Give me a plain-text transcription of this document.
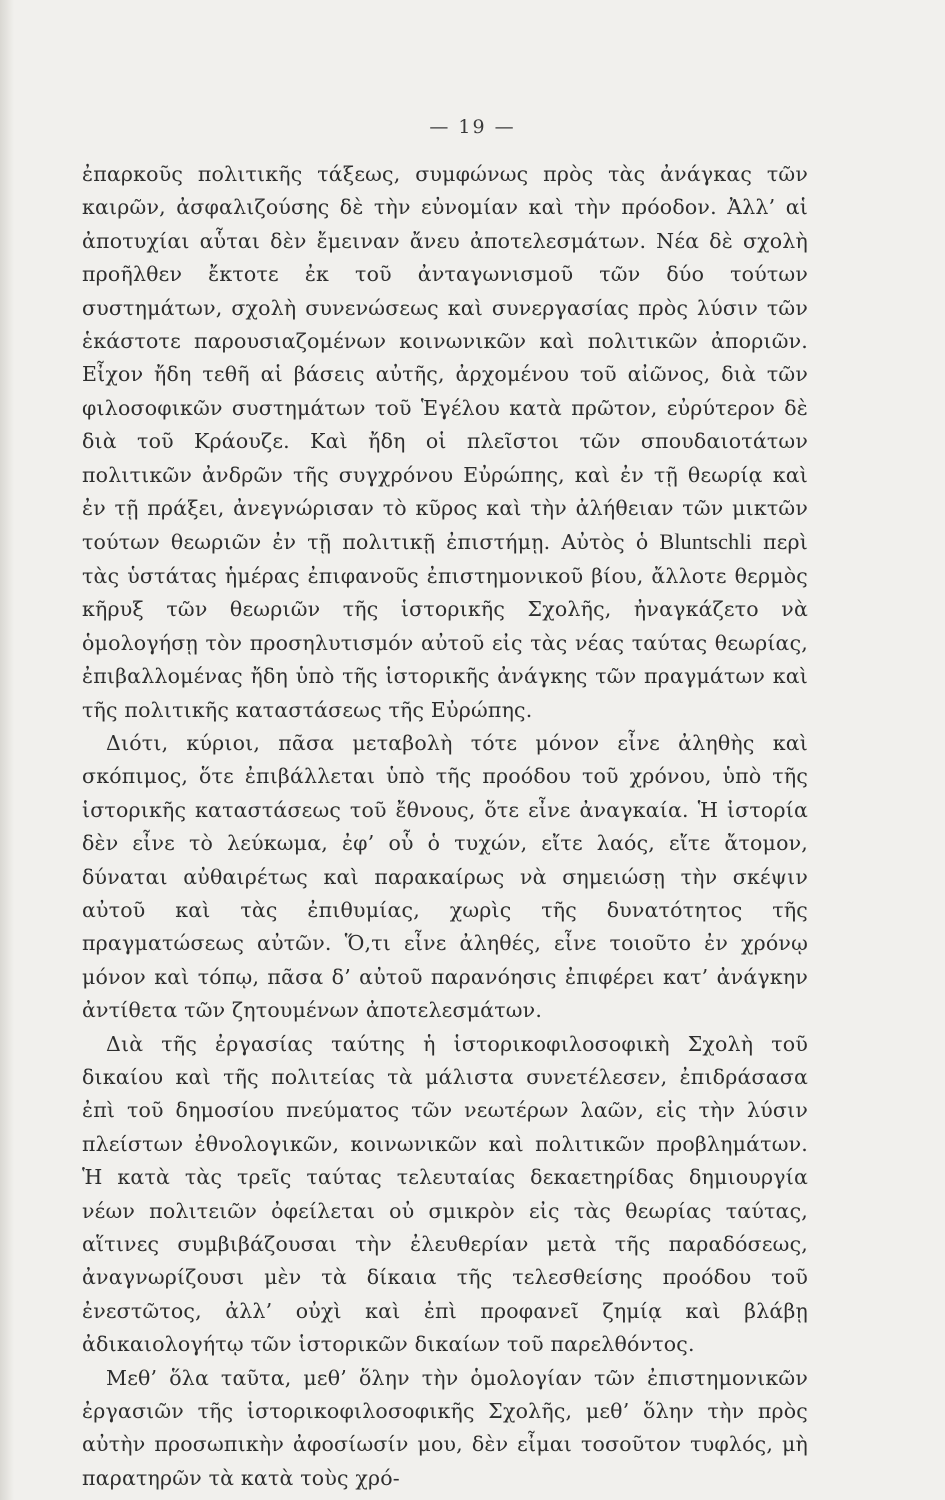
— 19 —

ἐπαρκοῦς πολιτικῆς τάξεως, συμφώνως πρὸς τὰς ἀνάγκας τῶν καιρῶν, ἀσφαλιζούσης δὲ τὴν εὐνομίαν καὶ τὴν πρόοδον. Ἀλλ’ αἱ ἀποτυχίαι αὗται δὲν ἔμειναν ἄνευ ἀποτελεσμάτων. Νέα δὲ σχολὴ προῆλθεν ἔκτοτε ἐκ τοῦ ἀνταγωνισμοῦ τῶν δύο τούτων συστημάτων, σχολὴ συνενώσεως καὶ συνεργασίας πρὸς λύσιν τῶν ἑκάστοτε παρουσιαζομένων κοινωνικῶν καὶ πολιτικῶν ἀποριῶν. Εἶχον ἤδη τεθῆ αἱ βάσεις αὐτῆς, ἀρχομένου τοῦ αἰῶνος, διὰ τῶν φιλοσοφικῶν συστημάτων τοῦ Ἑγέλου κατὰ πρῶτον, εὐρύτερον δὲ διὰ τοῦ Κράουζε. Καὶ ἤδη οἱ πλεῖστοι τῶν σπουδαιοτάτων πολιτικῶν ἀνδρῶν τῆς συγχρόνου Εὐρώπης, καὶ ἐν τῇ θεωρίᾳ καὶ ἐν τῇ πράξει, ἀνεγνώρισαν τὸ κῦρος καὶ τὴν ἀλήθειαν τῶν μικτῶν τούτων θεωριῶν ἐν τῇ πολιτικῇ ἐπιστήμῃ. Αὐτὸς ὁ Bluntschli περὶ τὰς ὑστάτας ἡμέρας ἐπιφανοῦς ἐπιστημονικοῦ βίου, ἄλλοτε θερμὸς κῆρυξ τῶν θεωριῶν τῆς ἱστορικῆς Σχολῆς, ἠναγκάζετο νὰ ὁμολογήσῃ τὸν προσηλυτισμόν αὐτοῦ εἰς τὰς νέας ταύτας θεωρίας, ἐπιβαλλομένας ἤδη ὑπὸ τῆς ἱστορικῆς ἀνάγκης τῶν πραγμάτων καὶ τῆς πολιτικῆς καταστάσεως τῆς Εὐρώπης.

Διότι, κύριοι, πᾶσα μεταβολὴ τότε μόνον εἶνε ἀληθὴς καὶ σκόπιμος, ὅτε ἐπιβάλλεται ὑπὸ τῆς προόδου τοῦ χρόνου, ὑπὸ τῆς ἱστορικῆς καταστάσεως τοῦ ἔθνους, ὅτε εἶνε ἀναγκαία. Ἡ ἱστορία δὲν εἶνε τὸ λεύκωμα, ἐφ’ οὗ ὁ τυχών, εἴτε λαός, εἴτε ἄτομον, δύναται αὐθαιρέτως καὶ παρακαίρως νὰ σημειώσῃ τὴν σκέψιν αὐτοῦ καὶ τὰς ἐπιθυμίας, χωρὶς τῆς δυνατότητος τῆς πραγματώσεως αὐτῶν. Ὅ,τι εἶνε ἀληθές, εἶνε τοιοῦτο ἐν χρόνῳ μόνον καὶ τόπῳ, πᾶσα δ’ αὐτοῦ παρανόησις ἐπιφέρει κατ’ ἀνάγκην ἀντίθετα τῶν ζητουμένων ἀποτελεσμάτων.

Διὰ τῆς ἐργασίας ταύτης ἡ ἱστορικοφιλοσοφικὴ Σχολὴ τοῦ δικαίου καὶ τῆς πολιτείας τὰ μάλιστα συνετέλεσεν, ἐπιδράσασα ἐπὶ τοῦ δημοσίου πνεύματος τῶν νεωτέρων λαῶν, εἰς τὴν λύσιν πλείστων ἐθνολογικῶν, κοινωνικῶν καὶ πολιτικῶν προβλημάτων. Ἡ κατὰ τὰς τρεῖς ταύτας τελευταίας δεκαετηρίδας δημιουργία νέων πολιτειῶν ὀφείλεται οὐ σμικρὸν εἰς τὰς θεωρίας ταύτας, αἵτινες συμβιβάζουσαι τὴν ἐλευθερίαν μετὰ τῆς παραδόσεως, ἀναγνωρίζουσι μὲν τὰ δίκαια τῆς τελεσθείσης προόδου τοῦ ἐνεστῶτος, ἀλλ’ οὐχὶ καὶ ἐπὶ προφανεῖ ζημίᾳ καὶ βλάβῃ ἀδικαιολογήτῳ τῶν ἱστορικῶν δικαίων τοῦ παρελθόντος.

Μεθ’ ὅλα ταῦτα, μεθ’ ὅλην τὴν ὁμολογίαν τῶν ἐπιστημονικῶν ἐργασιῶν τῆς ἱστορικοφιλοσοφικῆς Σχολῆς, μεθ’ ὅλην τὴν πρὸς αὐτὴν προσωπικὴν ἀφοσίωσίν μου, δὲν εἶμαι τοσοῦτον τυφλός, μὴ παρατηρῶν τὰ κατὰ τοὺς χρό-
